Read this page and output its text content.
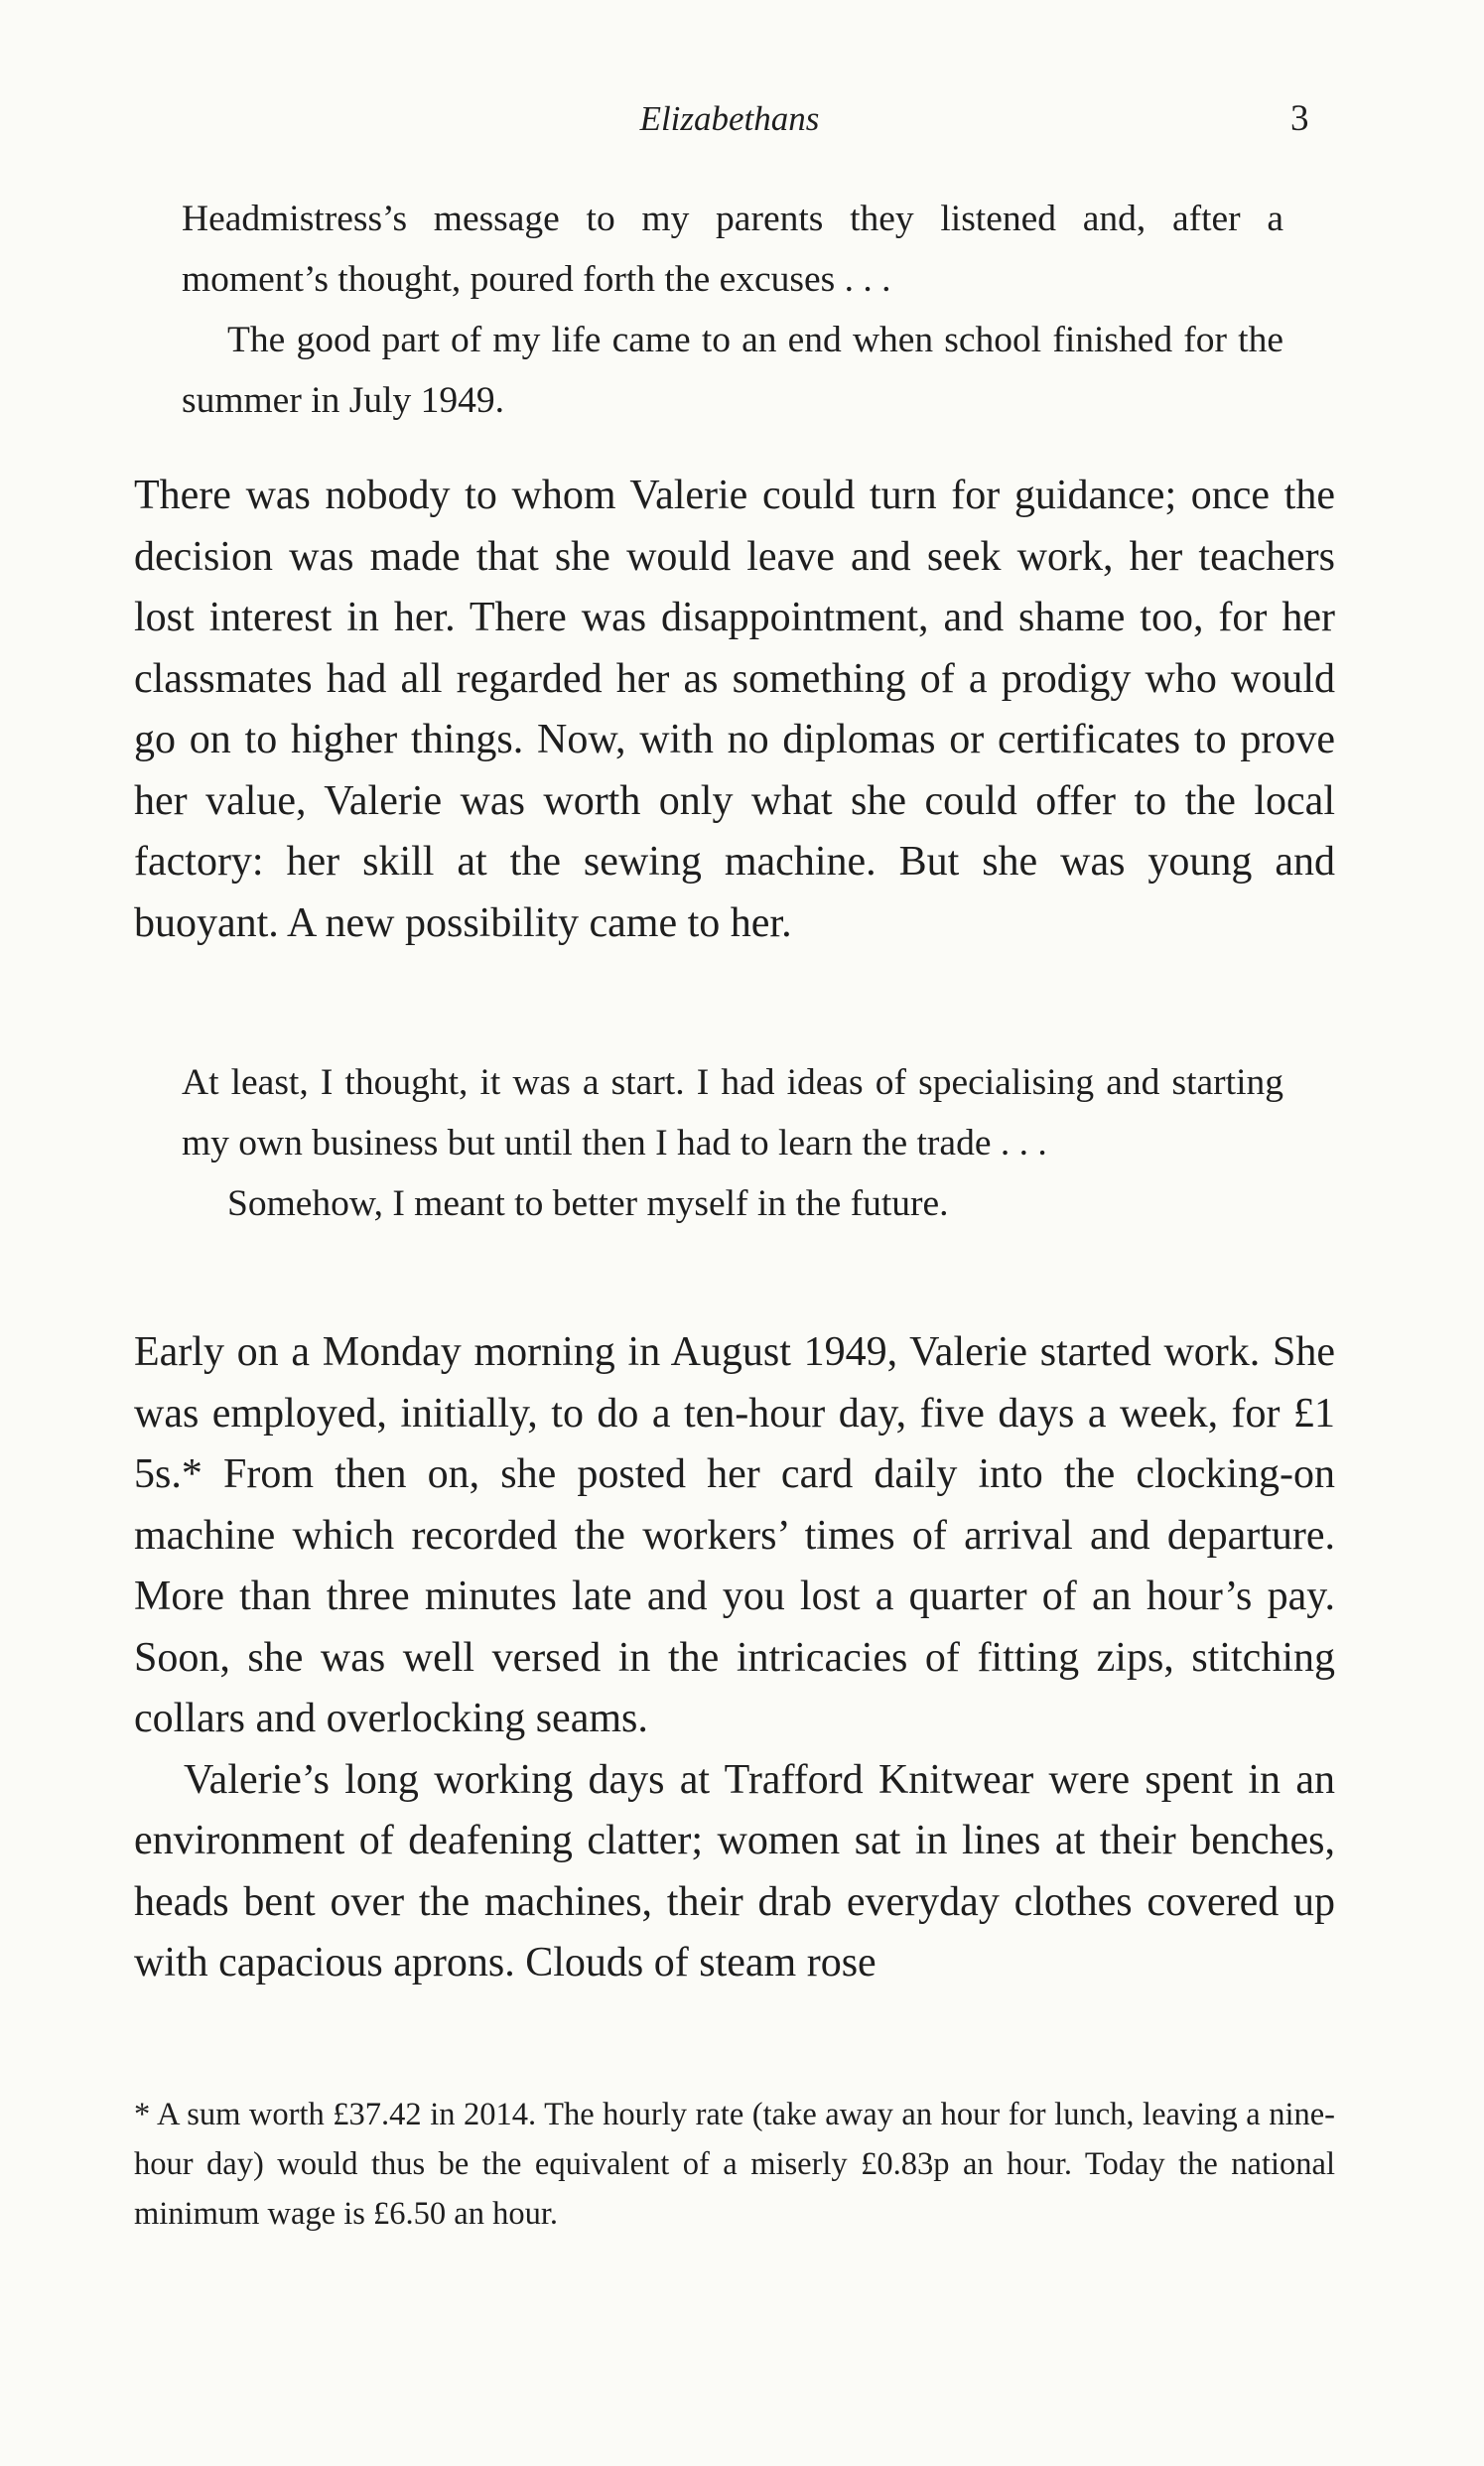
Elizabethans	3

Headmistress’s message to my parents they listened and, after a moment’s thought, poured forth the excuses . . .

The good part of my life came to an end when school finished for the summer in July 1949.

There was nobody to whom Valerie could turn for guidance; once the decision was made that she would leave and seek work, her teachers lost interest in her. There was disappointment, and shame too, for her classmates had all regarded her as something of a prodigy who would go on to higher things. Now, with no diplomas or certificates to prove her value, Valerie was worth only what she could offer to the local factory: her skill at the sewing machine. But she was young and buoyant. A new possibility came to her.

At least, I thought, it was a start. I had ideas of specialising and starting my own business but until then I had to learn the trade . . .

Somehow, I meant to better myself in the future.

Early on a Monday morning in August 1949, Valerie started work. She was employed, initially, to do a ten-hour day, five days a week, for £1 5s.* From then on, she posted her card daily into the clocking-on machine which recorded the workers’ times of arrival and departure. More than three minutes late and you lost a quarter of an hour’s pay. Soon, she was well versed in the intricacies of fitting zips, stitching collars and overlocking seams.

Valerie’s long working days at Trafford Knitwear were spent in an environment of deafening clatter; women sat in lines at their benches, heads bent over the machines, their drab everyday clothes covered up with capacious aprons. Clouds of steam rose

* A sum worth £37.42 in 2014. The hourly rate (take away an hour for lunch, leaving a nine-hour day) would thus be the equivalent of a miserly £0.83p an hour. Today the national minimum wage is £6.50 an hour.
